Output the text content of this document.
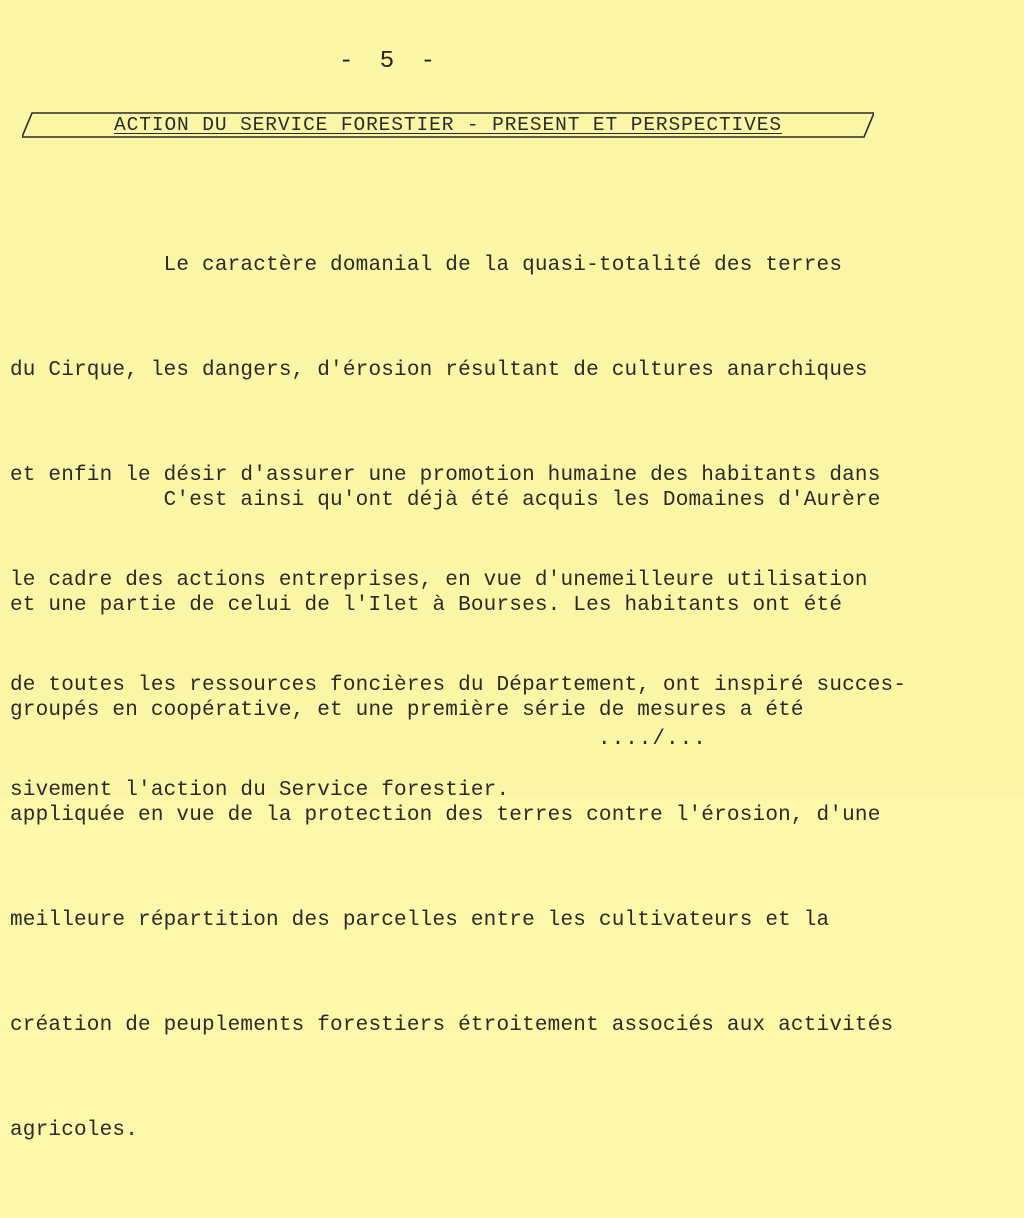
- 5 -
ACTION DU SERVICE FORESTIER - PRESENT ET PERSPECTIVES

Le caractère domanial de la quasi-totalité des terres

du Cirque, les dangers, d'érosion résultant de cultures anarchiques

et enfin le désir d'assurer une promotion humaine des habitants dans

le cadre des actions entreprises, en vue d'unemeilleure utilisation

de toutes les ressources foncières du Département, ont inspiré succes-

sivement l'action du Service forestier.

C'est ainsi qu'ont déjà été acquis les Domaines d'Aurère

et une partie de celui de l'Ilet à Bourses. Les habitants ont été

groupés en coopérative, et une première série de mesures a été

appliquée en vue de la protection des terres contre l'érosion, d'une

meilleure répartition des parcelles entre les cultivateurs et la

création de peuplements forestiers étroitement associés aux activités

agricoles.

..../...
